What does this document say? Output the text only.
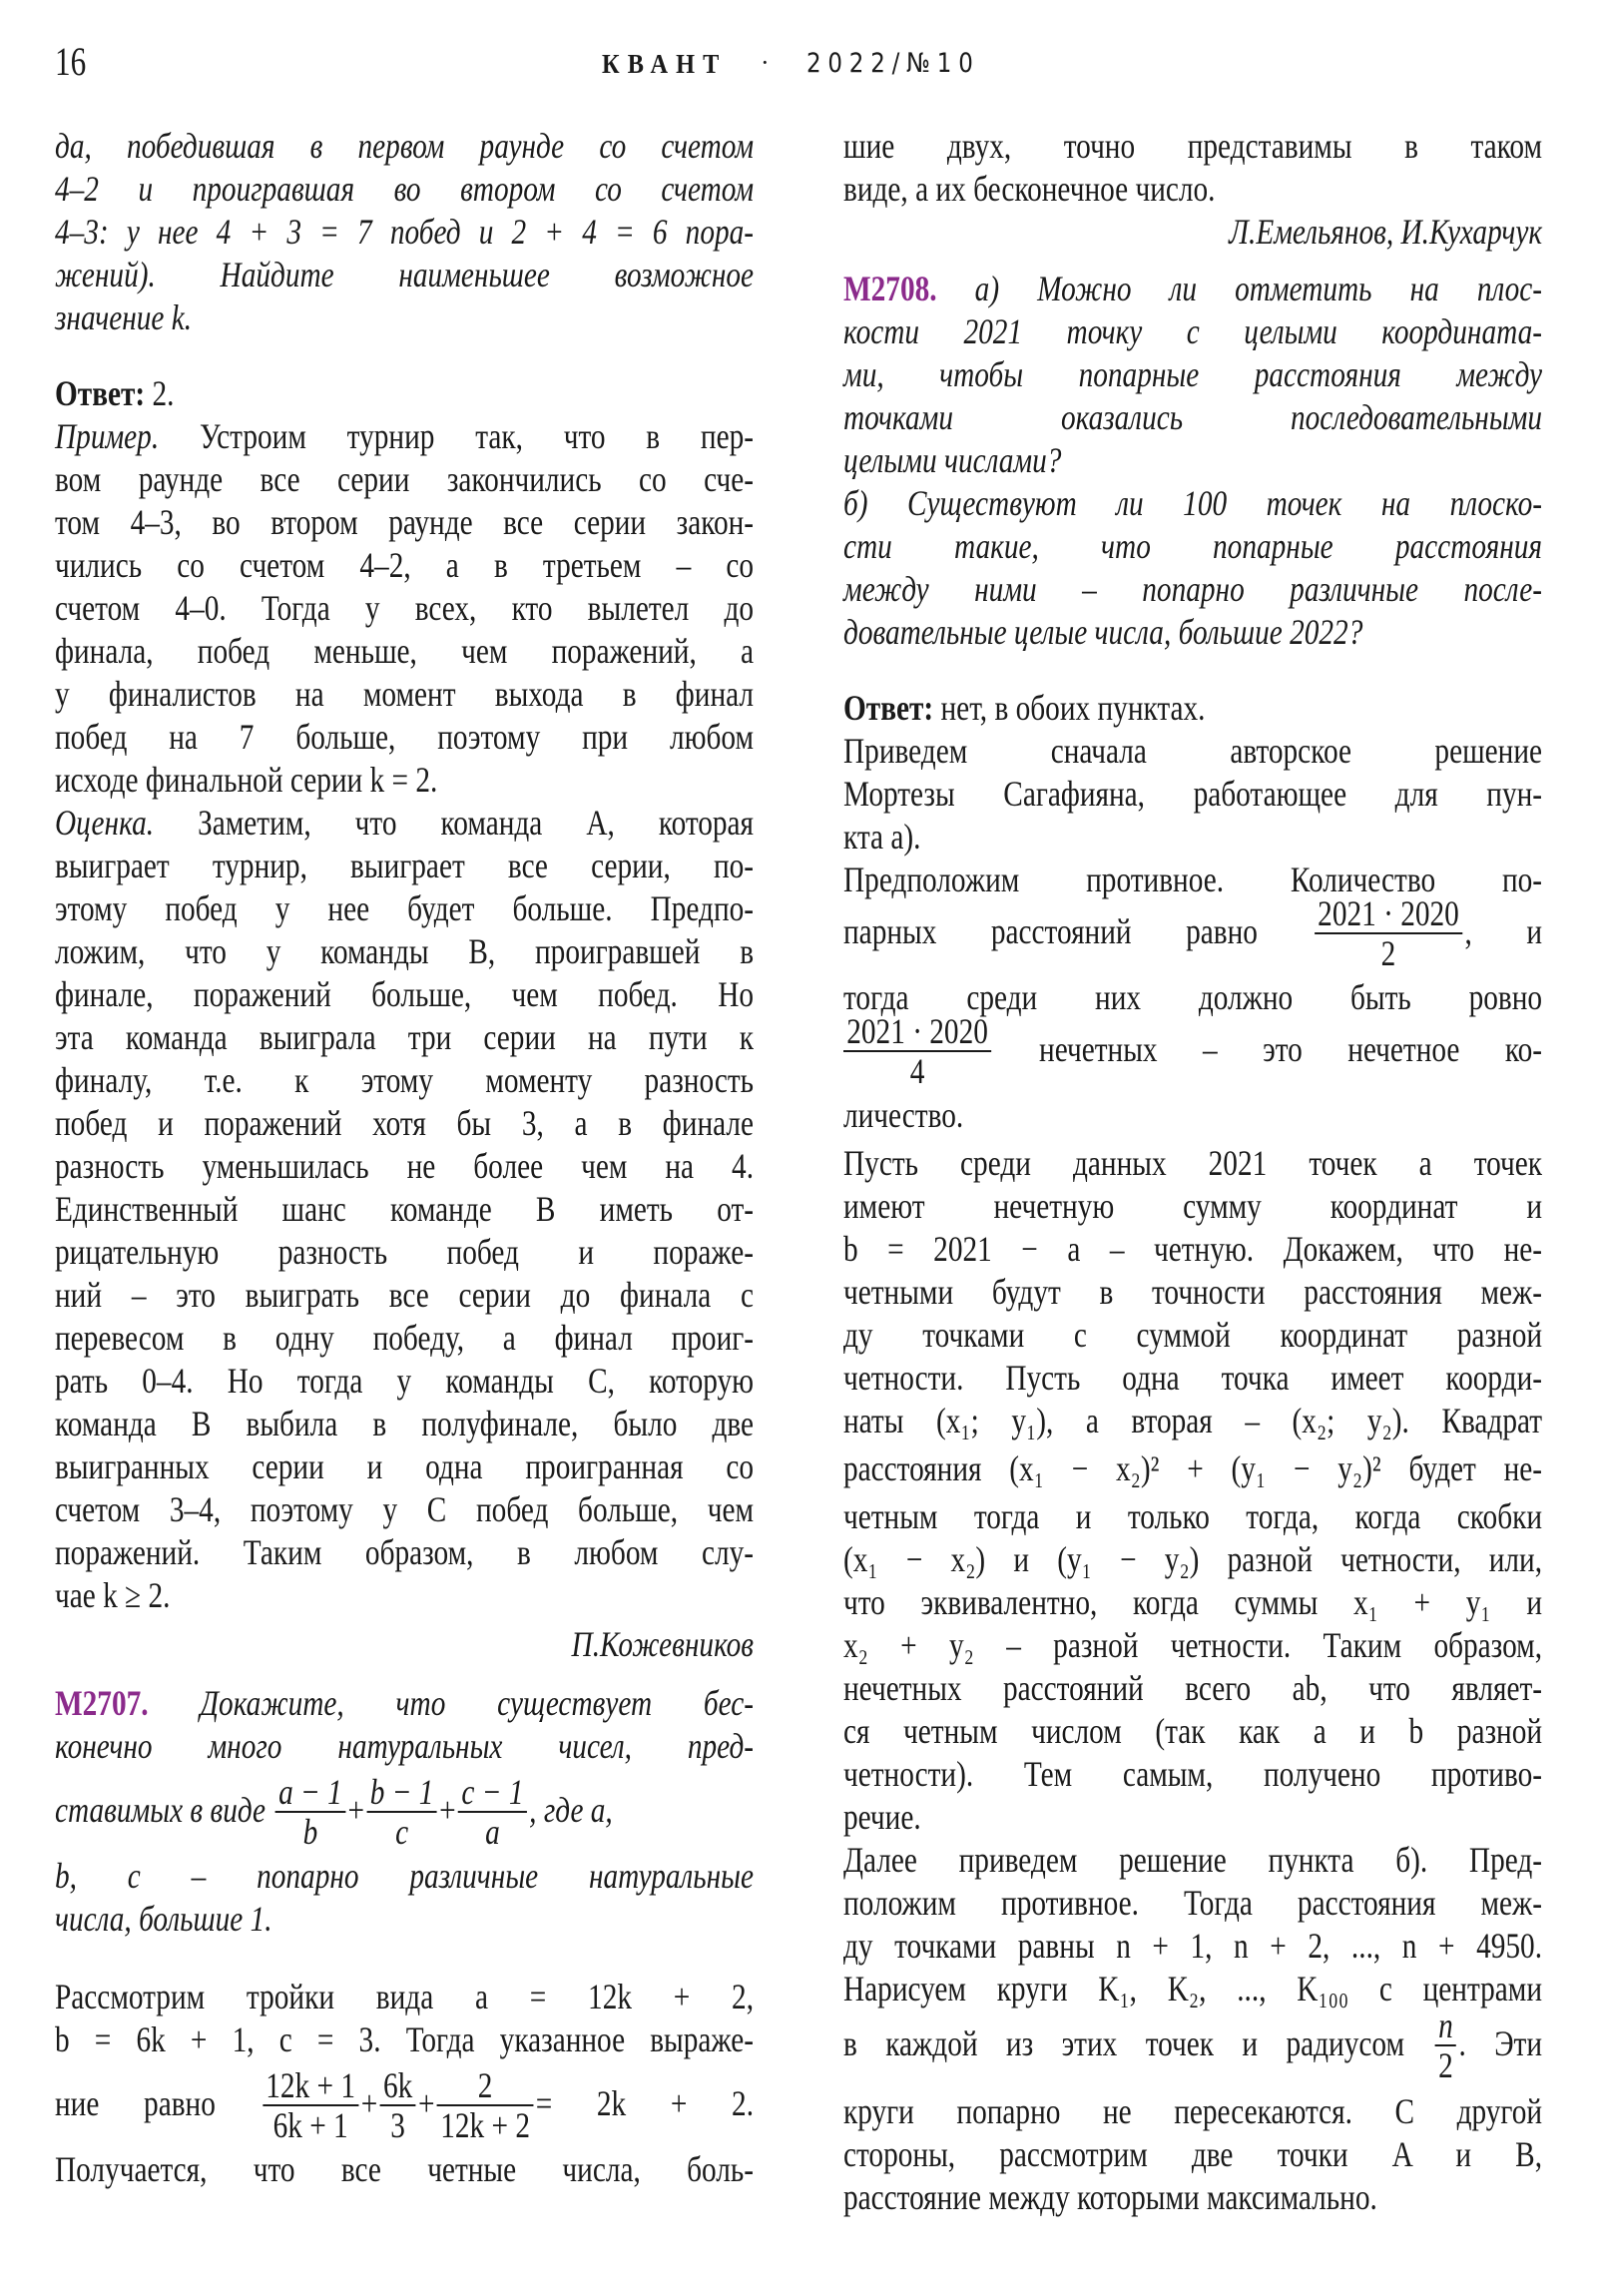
16	КВАНТ · 2022/№10
да, победившая в первом раунде со счетом
4–2 и проигравшая во втором со счетом
4–3: у нее 4 + 3 = 7 побед и 2 + 4 = 6 пора-
жений). Найдите наименьшее возможное
значение k.
Ответ: 2.
Пример. Устроим турнир так, что в пер-
вом раунде все серии закончились со сче-
том 4–3, во втором раунде все серии закон-
чились со счетом 4–2, а в третьем – со
счетом 4–0. Тогда у всех, кто вылетел до
финала, побед меньше, чем поражений, а
у финалистов на момент выхода в финал
побед на 7 больше, поэтому при любом
исходе финальной серии k = 2.
Оценка. Заметим, что команда A, которая
выиграет турнир, выиграет все серии, по-
этому побед у нее будет больше. Предпо-
ложим, что у команды B, проигравшей в
финале, поражений больше, чем побед. Но
эта команда выиграла три серии на пути к
финалу, т.е. к этому моменту разность
побед и поражений хотя бы 3, а в финале
разность уменьшилась не более чем на 4.
Единственный шанс команде B иметь от-
рицательную разность побед и пораже-
ний – это выиграть все серии до финала с
перевесом в одну победу, а финал проиг-
рать 0–4. Но тогда у команды C, которую
команда B выбила в полуфинале, было две
выигранных серии и одна проигранная со
счетом 3–4, поэтому у C побед больше, чем
поражений. Таким образом, в любом слу-
чае k ≥ 2.
П.Кожевников
М2707. Докажите, что существует бес-
конечно много натуральных чисел, пред-
ставимых в виде $\frac{a - 1}{b} + \frac{b - 1}{c} + \frac{c - 1}{a}$ , где a,
b, c – попарно различные натуральные
числа, большие 1.
Рассмотрим тройки вида a = 12k + 2,
b = 6k + 1, c = 3. Тогда указанное выраже-
ние равно $\frac{12k + 1}{6k + 1} + \frac{6k}{3} + \frac{2}{12k + 2} = 2k + 2$.
Получается, что все четные числа, боль-
шие двух, точно представимы в таком
виде, а их бесконечное число.
Л.Емельянов, И.Кухарчук
М2708. а) Можно ли отметить на плос-
кости 2021 точку с целыми координата-
ми, чтобы попарные расстояния между
точками оказались последовательными
целыми числами?
б) Существуют ли 100 точек на плоско-
сти такие, что попарные расстояния
между ними – попарно различные после-
довательные целые числа, большие 2022?
Ответ: нет, в обоих пунктах.
Приведем сначала авторское решение
Мортезы Сагафияна, работающее для пун-
кта а).
Предположим противное. Количество по-
парных расстояний равно $\frac{2021 \cdot 2020}{2}$ , и
тогда среди них должно быть ровно
$\frac{2021 \cdot 2020}{4}$ нечетных – это нечетное ко-
личество.
Пусть среди данных 2021 точек a точек
имеют нечетную сумму координат и
b = 2021 − a – четную. Докажем, что не-
четными будут в точности расстояния меж-
ду точками с суммой координат разной
четности. Пусть одна точка имеет коорди-
наты (x₁; y₁), а вторая – (x₂; y₂). Квадрат
расстояния (x₁ − x₂)² + (y₁ − y₂)² будет не-
четным тогда и только тогда, когда скобки
(x₁ − x₂) и (y₁ − y₂) разной четности, или,
что эквивалентно, когда суммы x₁ + y₁ и
x₂ + y₂ – разной четности. Таким образом,
нечетных расстояний всего ab, что являет-
ся четным числом (так как a и b разной
четности). Тем самым, получено противо-
речие.
Далее приведем решение пункта б). Пред-
положим противное. Тогда расстояния меж-
ду точками равны n + 1, n + 2, ..., n + 4950.
Нарисуем круги K₁, K₂, ..., K₁₀₀ с центрами
в каждой из этих точек и радиусом $\frac{n}{2}$ . Эти
круги попарно не пересекаются. С другой
стороны, рассмотрим две точки A и B,
расстояние между которыми максимально.
